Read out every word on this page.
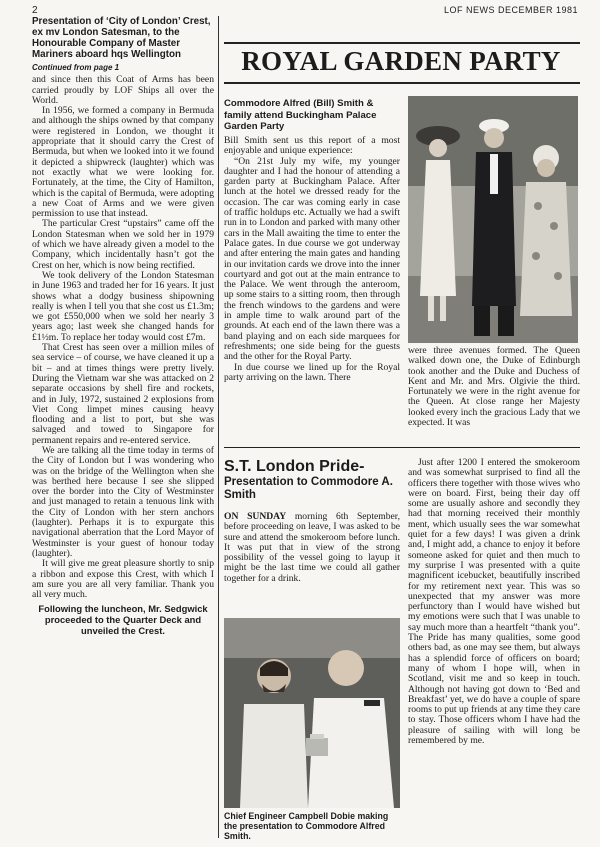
2	LOF NEWS DECEMBER 1981
Presentation of ‘City of London’ Crest, ex mv London Satesman, to the Honourable Company of Master Mariners aboard hqs Wellington
Continued from page 1

and since then this Coat of Arms has been carried proudly by LOF Ships all over the World.

In 1956, we formed a company in Bermuda and although the ships owned by that company were registered in London, we thought it appropriate that it should carry the Crest of Bermuda, but when we looked into it we found it depicted a shipwreck (laughter) which was not exactly what we were looking for. Fortunately, at the time, the City of Hamilton, which is the capital of Bermuda, were adopting a new Coat of Arms and we were given permission to use that instead.

The particular Crest “upstairs” came off the London Statesman when we sold her in 1979 of which we have already given a model to the Company, which incidentally hasn’t got the Crest on her, which is now being rectified.

We took delivery of the London Statesman in June 1963 and traded her for 16 years. It just shows what a dodgy business shipowning really is when I tell you that she cost us £1.3m; we got £550,000 when we sold her nearly 3 years ago; last week she changed hands for £1½m. To replace her today would cost £7m.

That Crest has seen over a million miles of sea service – of course, we have cleaned it up a bit – and at times things were pretty lively. During the Vietnam war she was attacked on 2 separate occasions by shell fire and rockets, and in July, 1972, sustained 2 explosions from Viet Cong limpet mines causing heavy flooding and a list to port, but she was salvaged and towed to Singapore for permanent repairs and re-entered service.

We are talking all the time today in terms of the City of London but I was wondering who was on the bridge of the Wellington when she was berthed here because I see she slipped over the border into the City of Westminster and just managed to retain a tenuous link with the City of London with her stern anchors (laughter). Perhaps it is to expurgate this navigational aberration that the Lord Mayor of Westminster is your guest of honour today (laughter).

It will give me great pleasure shortly to snip a ribbon and expose this Crest, with which I am sure you are all very familiar. Thank you all very much.

Following the luncheon, Mr. Sedgwick proceeded to the Quarter Deck and unveiled the Crest.

ROYAL GARDEN PARTY
Commodore Alfred (Bill) Smith & family attend Buckingham Palace Garden Party

Bill Smith sent us this report of a most enjoyable and unique experience:

“On 21st July my wife, my younger daughter and I had the honour of attending a garden party at Buckingham Palace. After lunch at the hotel we dressed ready for the occasion. The car was coming early in case of traffic holdups etc. Actually we had a swift run in to London and parked with many other cars in the Mall awaiting the time to enter the Palace gates. In due course we got underway and after entering the main gates and handing in our invitation cards we drove into the inner courtyard and got out at the main entrance to the Palace. We went through the anteroom, up some stairs to a sitting room, then through the french windows to the gardens and were in ample time to walk around part of the grounds. At each end of the lawn there was a band playing and on each side marquees for refreshments; one side being for the guests and the other for the Royal Party.

In due course we lined up for the Royal party arriving on the lawn. There

were three avenues formed. The Queen walked down one, the Duke of Edinburgh took another and the Duke and Duchess of Kent and Mr. and Mrs. Olgivie the third. Fortunately we were in the right avenue for the Queen. At close range her Majesty looked every inch the gracious Lady that we expected. It was
S.T. London Pride-
Presentation to Commodore A. Smith
ON SUNDAY morning 6th September, before proceeding on leave, I was asked to be sure and attend the smokeroom before lunch. It was put that in view of the strong possibility of the vessel going to layup it might be the last time we could all gather together for a drink.
Chief Engineer Campbell Dobie making the presentation to Commodore Alfred Smith.

Just after 1200 I entered the smokeroom and was somewhat surprised to find all the officers there together with those wives who were on board. First, being their day off some are usually ashore and secondly they had that morning received their monthly ment, which usually sees the war somewhat quiet for a few days! I was given a drink and, I might add, a chance to enjoy it before someone asked for quiet and then much to my surprise I was presented with a quite magnificent icebucket, beautifully inscribed for my retirement next year. This was so unexpected that my answer was more perfunctory than I would have wished but my emotions were such that I was unable to say much more than a heartfelt “thank you”. The Pride has many qualities, some good others bad, as one may see them, but always has a splendid force of officers on board; many of whom I hope will, when in Scotland, visit me and so keep in touch. Although not having got down to ‘Bed and Breakfast’ yet, we do have a couple of spare rooms to put up friends at any time they care to stay. Those officers whom I have had the pleasure of sailing with will long be remembered by me.
